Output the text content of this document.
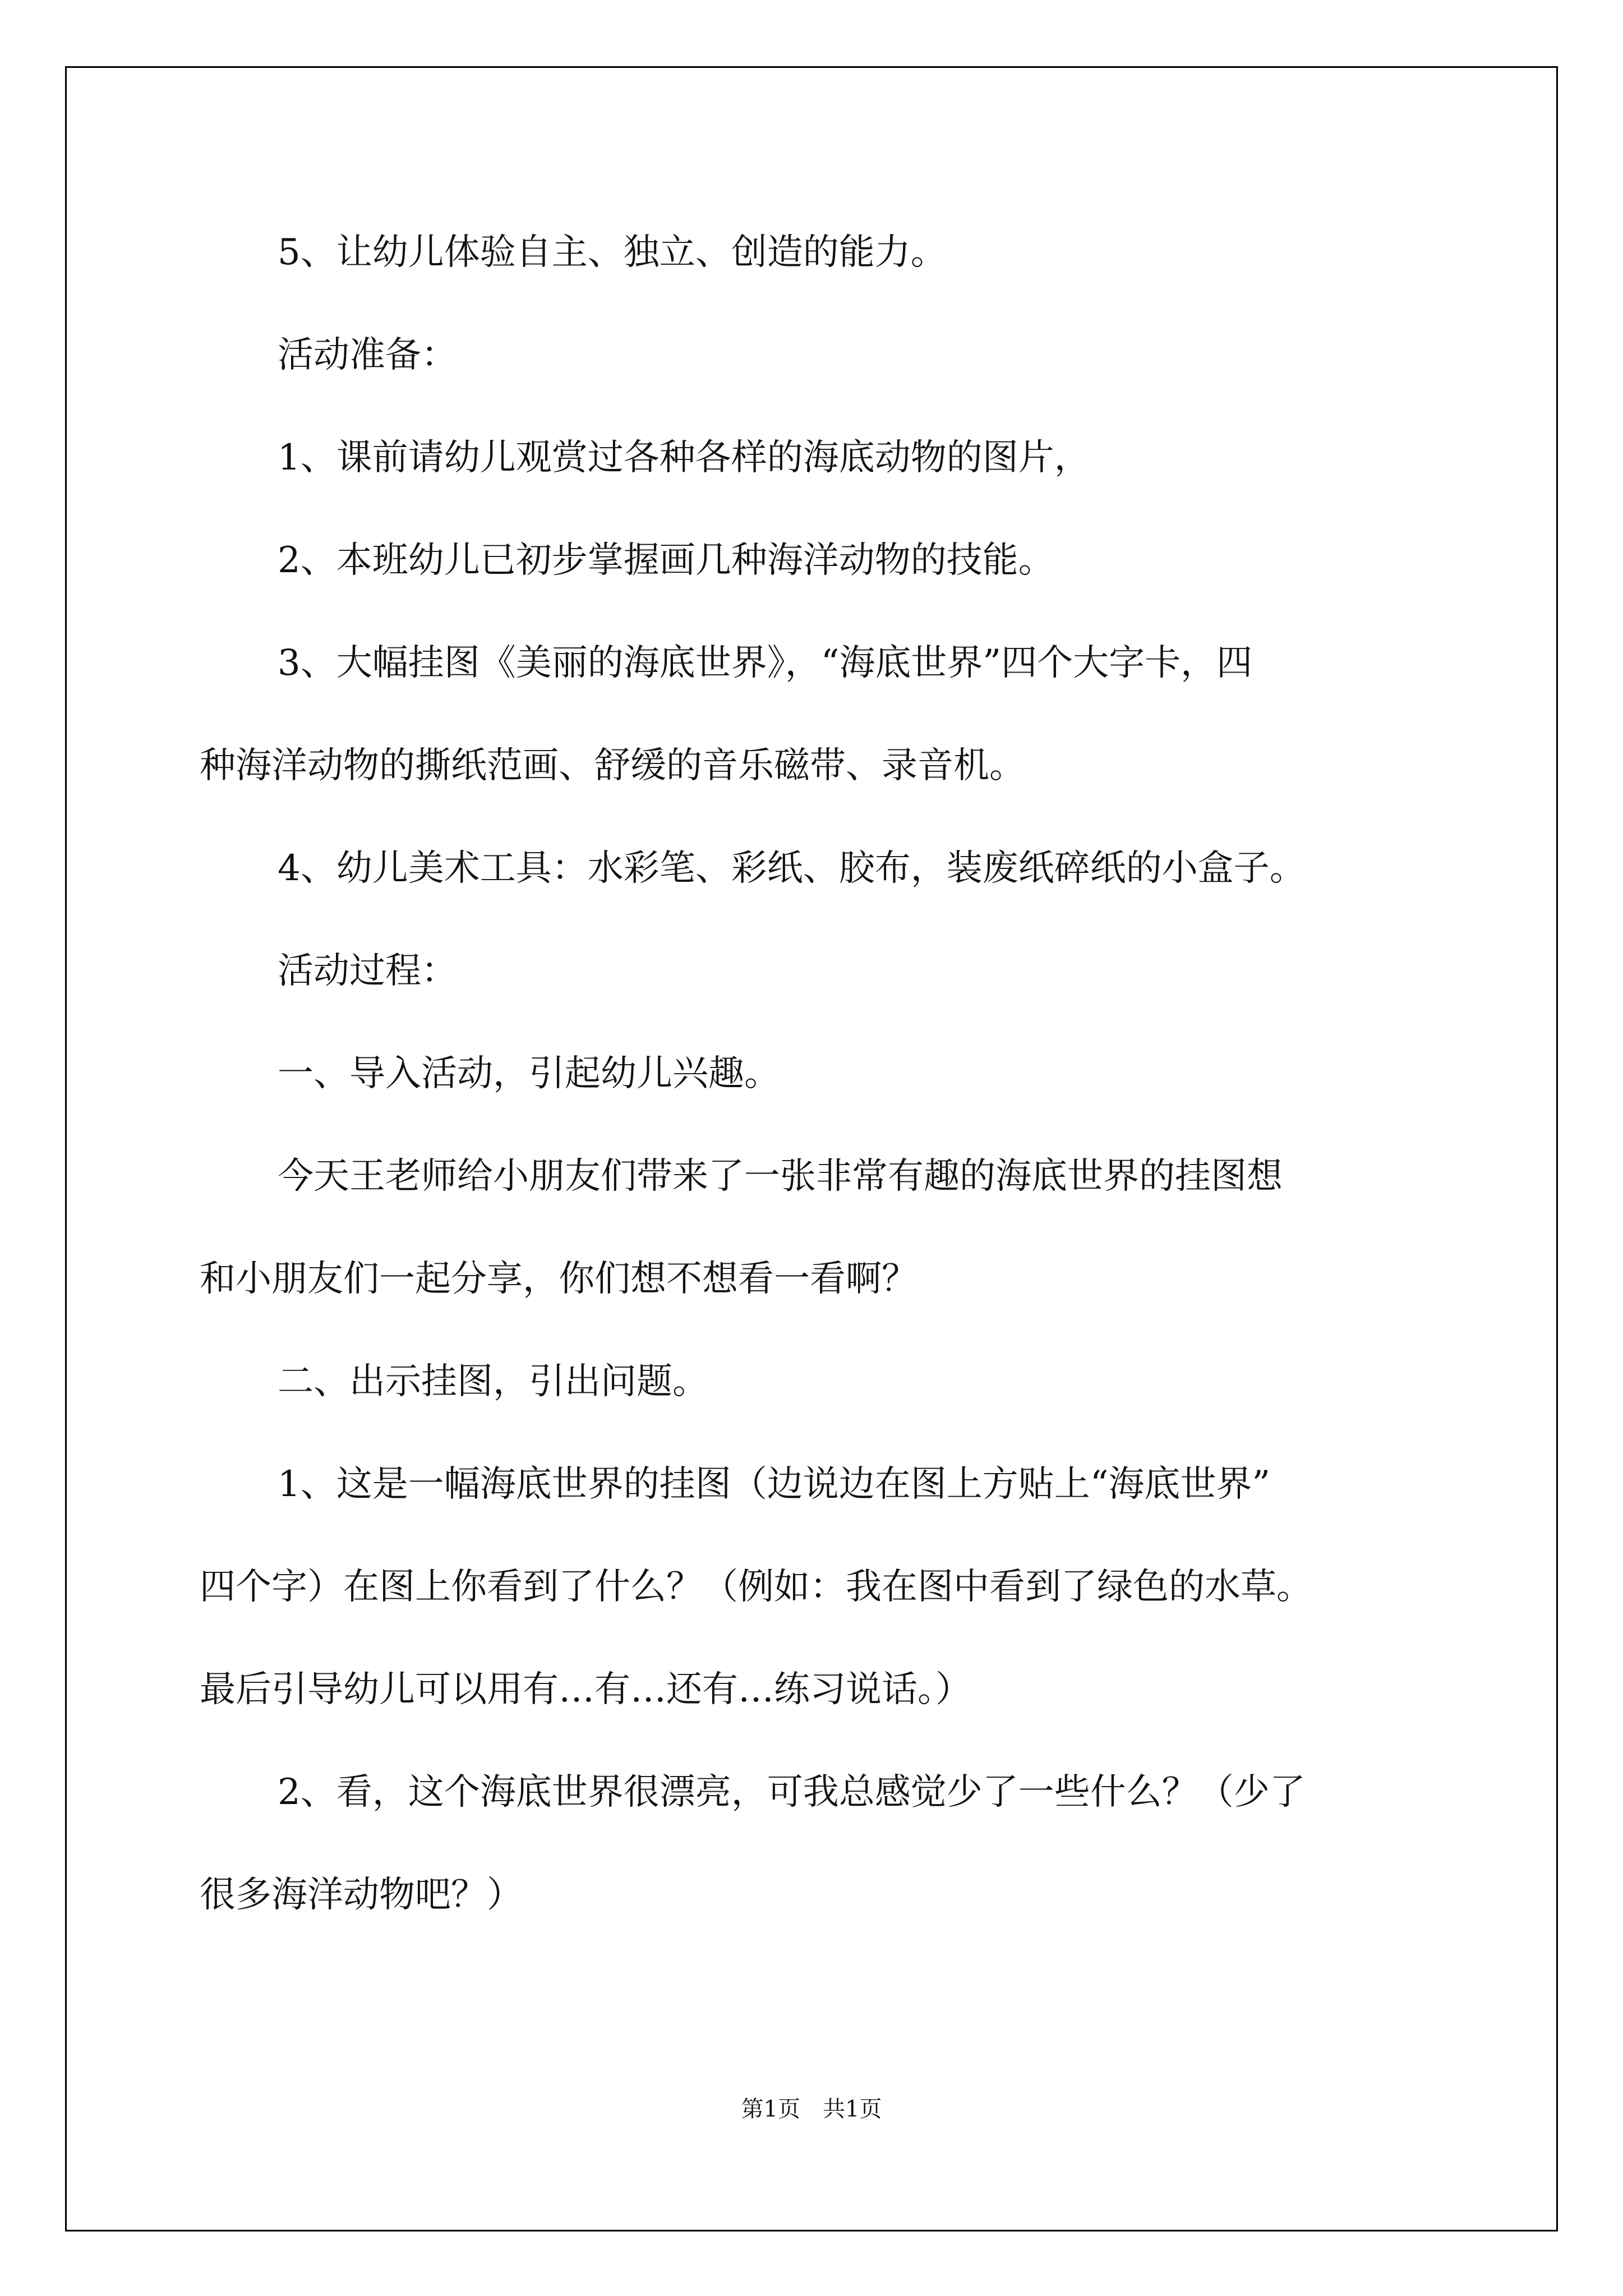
5、让幼儿体验自主、独立、创造的能力。

活动准备：

1、课前请幼儿观赏过各种各样的海底动物的图片，

2、本班幼儿已初步掌握画几种海洋动物的技能。

3、大幅挂图《美丽的海底世界》，“海底世界”四个大字卡，四

种海洋动物的撕纸范画、舒缓的音乐磁带、录音机。

4、幼儿美术工具：水彩笔、彩纸、胶布，装废纸碎纸的小盒子。

活动过程：

一、导入活动，引起幼儿兴趣。

今天王老师给小朋友们带来了一张非常有趣的海底世界的挂图想

和小朋友们一起分享，你们想不想看一看啊？

二、出示挂图，引出问题。

1、这是一幅海底世界的挂图（边说边在图上方贴上“海底世界”

四个字）在图上你看到了什么？（例如：我在图中看到了绿色的水草。

最后引导幼儿可以用有…有…还有…练习说话。）

2、看，这个海底世界很漂亮，可我总感觉少了一些什么？（少了

很多海洋动物吧？）

第1页　共1页
